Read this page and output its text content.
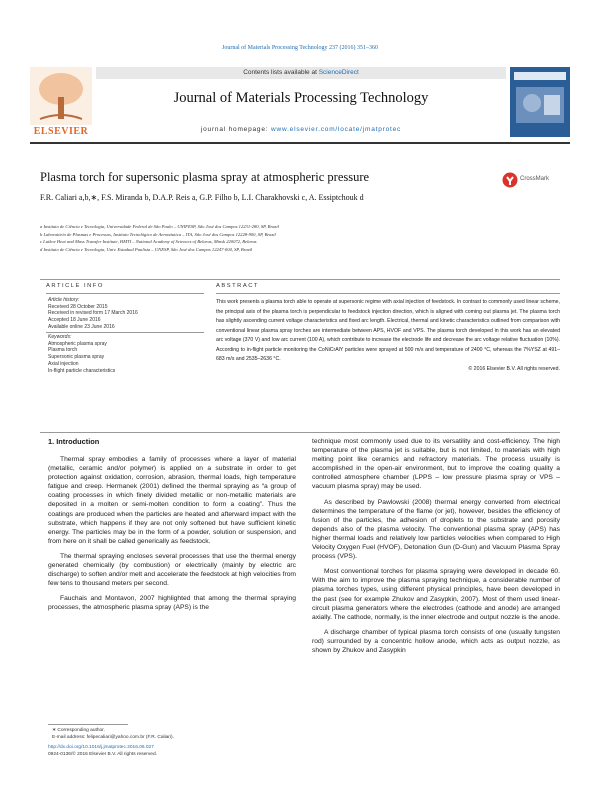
Journal of Materials Processing Technology 237 (2016) 351–360
ELSEVIER
Contents lists available at ScienceDirect
Journal of Materials Processing Technology
journal homepage: www.elsevier.com/locate/jmatprotec
Plasma torch for supersonic plasma spray at atmospheric pressure	CrossMark
F.R. Caliari a,b,∗, F.S. Miranda b, D.A.P. Reis a, G.P. Filho b, L.I. Charakhovski c, A. Essiptchouk d
a Instituto de Ciência e Tecnologia, Universidade Federal de São Paulo – UNIFESP, São José dos Campos 12231-280, SP, Brazil
b Laboratório de Plasmas e Processos, Instituto Tecnológico de Aeronáutica – ITA, São José dos Campos 12228-900, SP, Brazil
c Luikov Heat and Mass Transfer Institute, HMTI – National Academy of Sciences of Belarus, Minsk 220072, Belarus
d Instituto de Ciência e Tecnologia, Univ. Estadual Paulista – UNESP, São José dos Campos 12247-004, SP, Brazil
ARTICLE INFO	ABSTRACT
Article history:
Received 28 October 2015
Received in revised form 17 March 2016
Accepted 18 June 2016
Available online 23 June 2016
Keywords:
Atmospheric plasma spray
Plasma torch
Supersonic plasma spray
Axial injection
In-flight particle characteristics
This work presents a plasma torch able to operate at supersonic regime with axial injection of feedstock. In contrast to commonly used linear scheme, the principal axis of the plasma torch is perpendicular to feedstock injection direction, which is aligned with coming out plasma jet. The plasma torch has slightly ascending current voltage characteristics and fixed arc length. Electrical, thermal and kinetic characteristics outlined from comparison with conventional linear plasma spray torches are intermediate between APS, HVOF and VPS. The plasma torch developed in this work has an elevated arc voltage (370 V) and low arc current (100 A), which contribute to increase the electrode life and decrease the arc voltage relative fluctuation (10%). According to in-flight particle monitoring the CoNiCrAlY particles were sprayed at 500 m/s and temperature of 2400 °C, whereas the 7%YSZ at 491–683 m/s and 2535–2636 °C.
© 2016 Elsevier B.V. All rights reserved.
1. Introduction

Thermal spray embodies a family of processes where a layer of material (metallic, ceramic and/or polymer) is applied on a substrate in order to get protection against oxidation, corrosion, abrasion, thermal loads, high temperature fatigue and creep. Hermanek (2001) defined the thermal spraying as “a group of coating processes in which finely divided metallic or non-metallic materials are deposited in a molten or semi-molten condition to form a coating”. Thus the coatings are produced when the particles are heated and afterward impact with the substrate, which happens if they are not only softened but have sufficient kinetic energy. The particles may be in the form of a powder, solution or suspension, and from here on it shall be called generically as feedstock.

The thermal spraying encloses several processes that use the thermal energy generated chemically (by combustion) or electrically (mainly by electric arc discharge) to soften and/or melt and accelerate the feedstock at high velocities from few tens to thousand meters per second.

Fauchais and Montavon, 2007 highlighted that among the thermal spraying processes, the atmospheric plasma spray (APS) is the

technique most commonly used due to its versatility and cost-efficiency. The high temperature of the plasma jet is suitable, but is not limited, to materials with high melting point like ceramics and refractory materials. The process usually is accomplished in the open-air environment, but to improve the coating quality a controlled atmosphere chamber (LPPS – low pressure plasma spray or VPS – vacuum plasma spray) may be used.

As described by Pawlowski (2008) thermal energy converted from electrical determines the temperature of the flame (or jet), however, besides the efficiency of fusion of the particles, the adhesion of droplets to the substrate and porosity depends also of the plasma velocity. The conventional plasma spray (APS) has higher thermal loads and relatively low particles velocities when compared to High Velocity Oxygen Fuel (HVOF), Detonation Gun (D-Gun) and Vacuum Plasma Spray process (VPS).

Most conventional torches for plasma spraying were developed in decade 60. With the aim to improve the plasma spraying technique, a considerable number of plasma torches types, using different physical principles, have been developed in the past (see for example Zhukov and Zasypkin, 2007). Most of them used linear-circuit plasma generators where the electrodes (cathode and anode) are arranged axially. The cathode, normally, is the inner electrode and output nozzle is the anode.

A discharge chamber of typical plasma torch consists of one (usually tungsten rod) surrounded by a concentric hollow anode, which acts as output nozzle, as shown by Zhukov and Zasypkin

∗ Corresponding author.
E-mail address: felipecaliari@yahoo.com.br (F.R. Caliari).
http://dx.doi.org/10.1016/j.jmatprotec.2016.06.027
0924-0136/© 2016 Elsevier B.V. All rights reserved.
